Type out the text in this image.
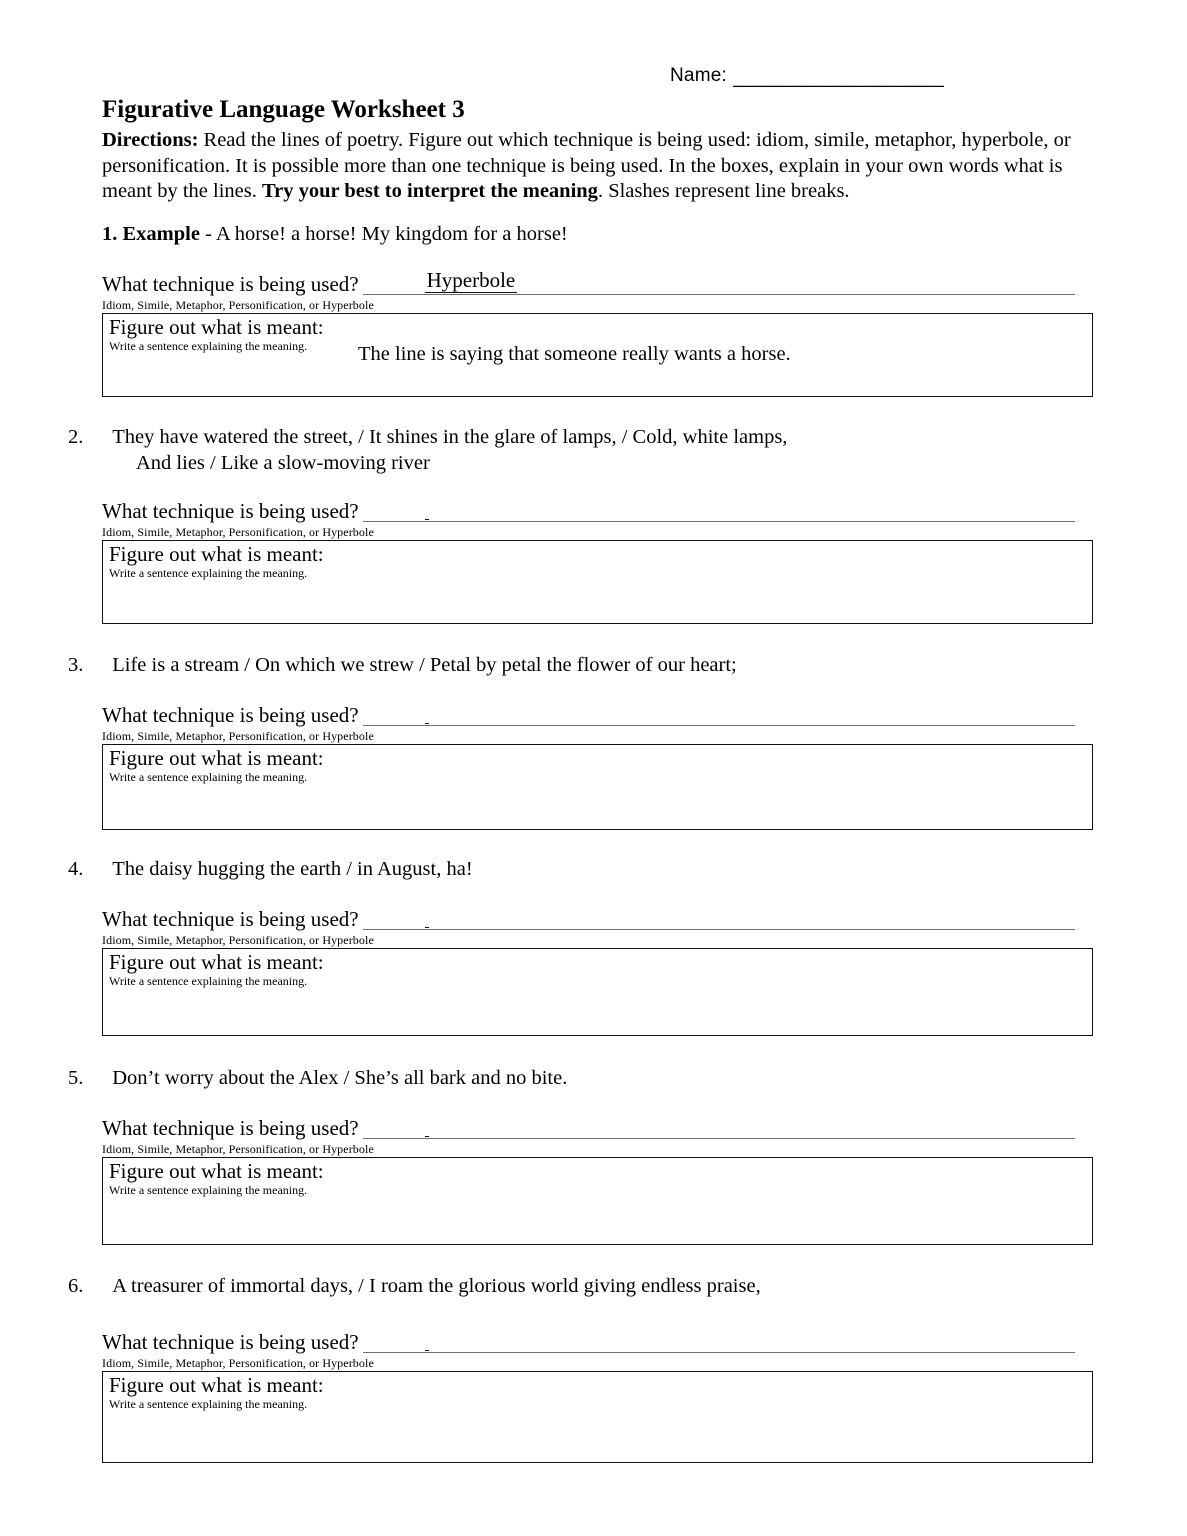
Name: _____________________
Figurative Language Worksheet 3
Directions: Read the lines of poetry. Figure out which technique is being used: idiom, simile, metaphor, hyperbole, or personification. It is possible more than one technique is being used. In the boxes, explain in your own words what is meant by the lines. Try your best to interpret the meaning. Slashes represent line breaks.
1. Example - A horse! a horse! My kingdom for a horse!
What technique is being used?	Hyperbole
Idiom, Simile, Metaphor, Personification, or Hyperbole
Figure out what is meant:
Write a sentence explaining the meaning.	The line is saying that someone really wants a horse.
2. They have watered the street, / It shines in the glare of lamps, / Cold, white lamps,
And lies / Like a slow-moving river
What technique is being used?
Idiom, Simile, Metaphor, Personification, or Hyperbole
Figure out what is meant:
Write a sentence explaining the meaning.
3. Life is a stream / On which we strew / Petal by petal the flower of our heart;
What technique is being used?
Idiom, Simile, Metaphor, Personification, or Hyperbole
Figure out what is meant:
Write a sentence explaining the meaning.
4. The daisy hugging the earth / in August, ha!
What technique is being used?
Idiom, Simile, Metaphor, Personification, or Hyperbole
Figure out what is meant:
Write a sentence explaining the meaning.
5. Don’t worry about the Alex / She’s all bark and no bite.
What technique is being used?
Idiom, Simile, Metaphor, Personification, or Hyperbole
Figure out what is meant:
Write a sentence explaining the meaning.
6. A treasurer of immortal days, / I roam the glorious world giving endless praise,
What technique is being used?
Idiom, Simile, Metaphor, Personification, or Hyperbole
Figure out what is meant:
Write a sentence explaining the meaning.
